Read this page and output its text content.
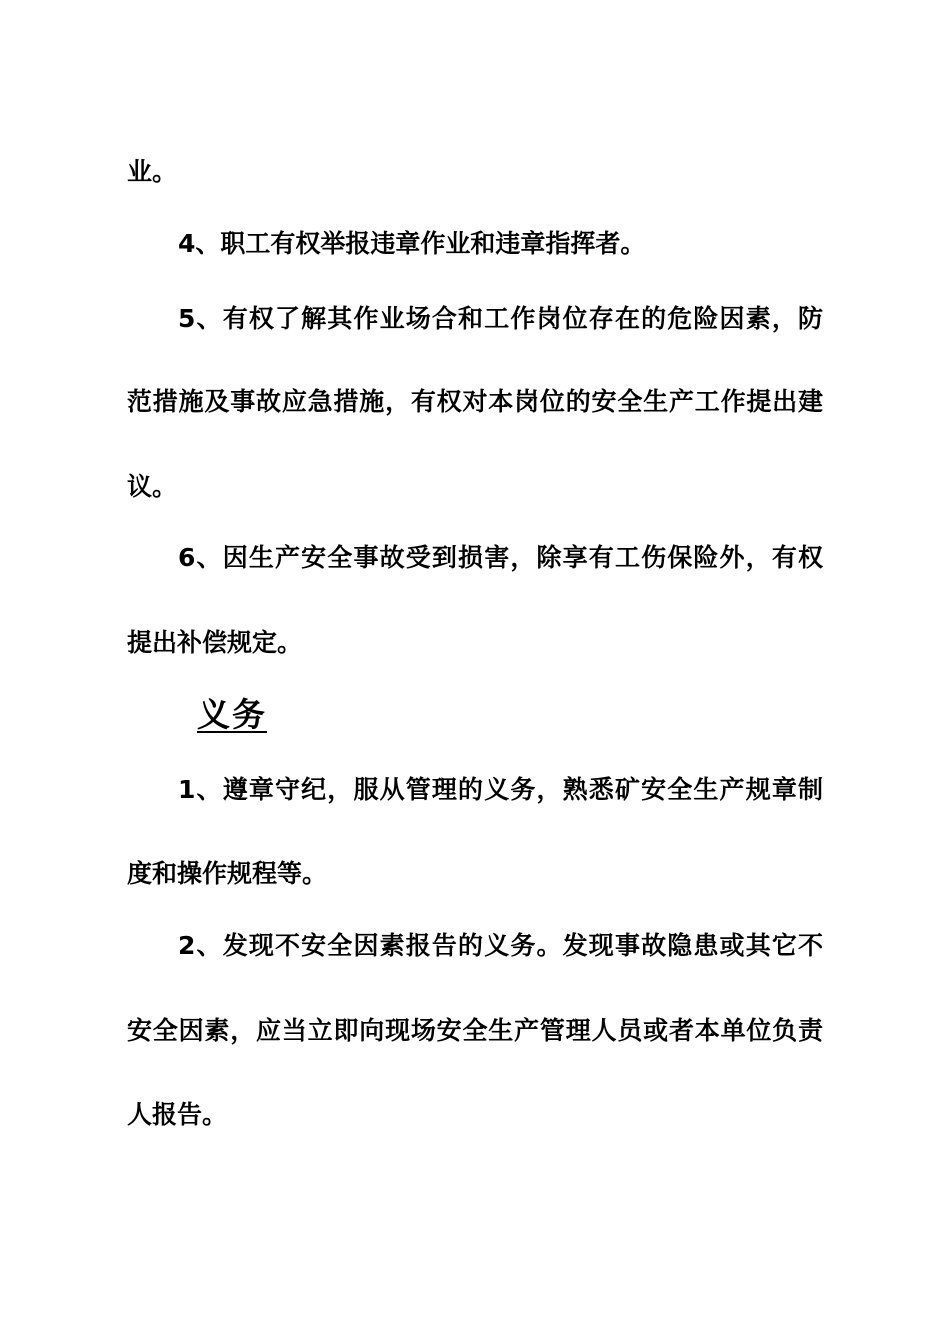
业。
4、职工有权举报违章作业和违章指挥者。
5、有权了解其作业场合和工作岗位存在的危险因素，防
范措施及事故应急措施，有权对本岗位的安全生产工作提出建
议。
6、因生产安全事故受到损害，除享有工伤保险外，有权
提出补偿规定。
义务
1、遵章守纪，服从管理的义务，熟悉矿安全生产规章制
度和操作规程等。
2、发现不安全因素报告的义务。发现事故隐患或其它不
安全因素，应当立即向现场安全生产管理人员或者本单位负责
人报告。
